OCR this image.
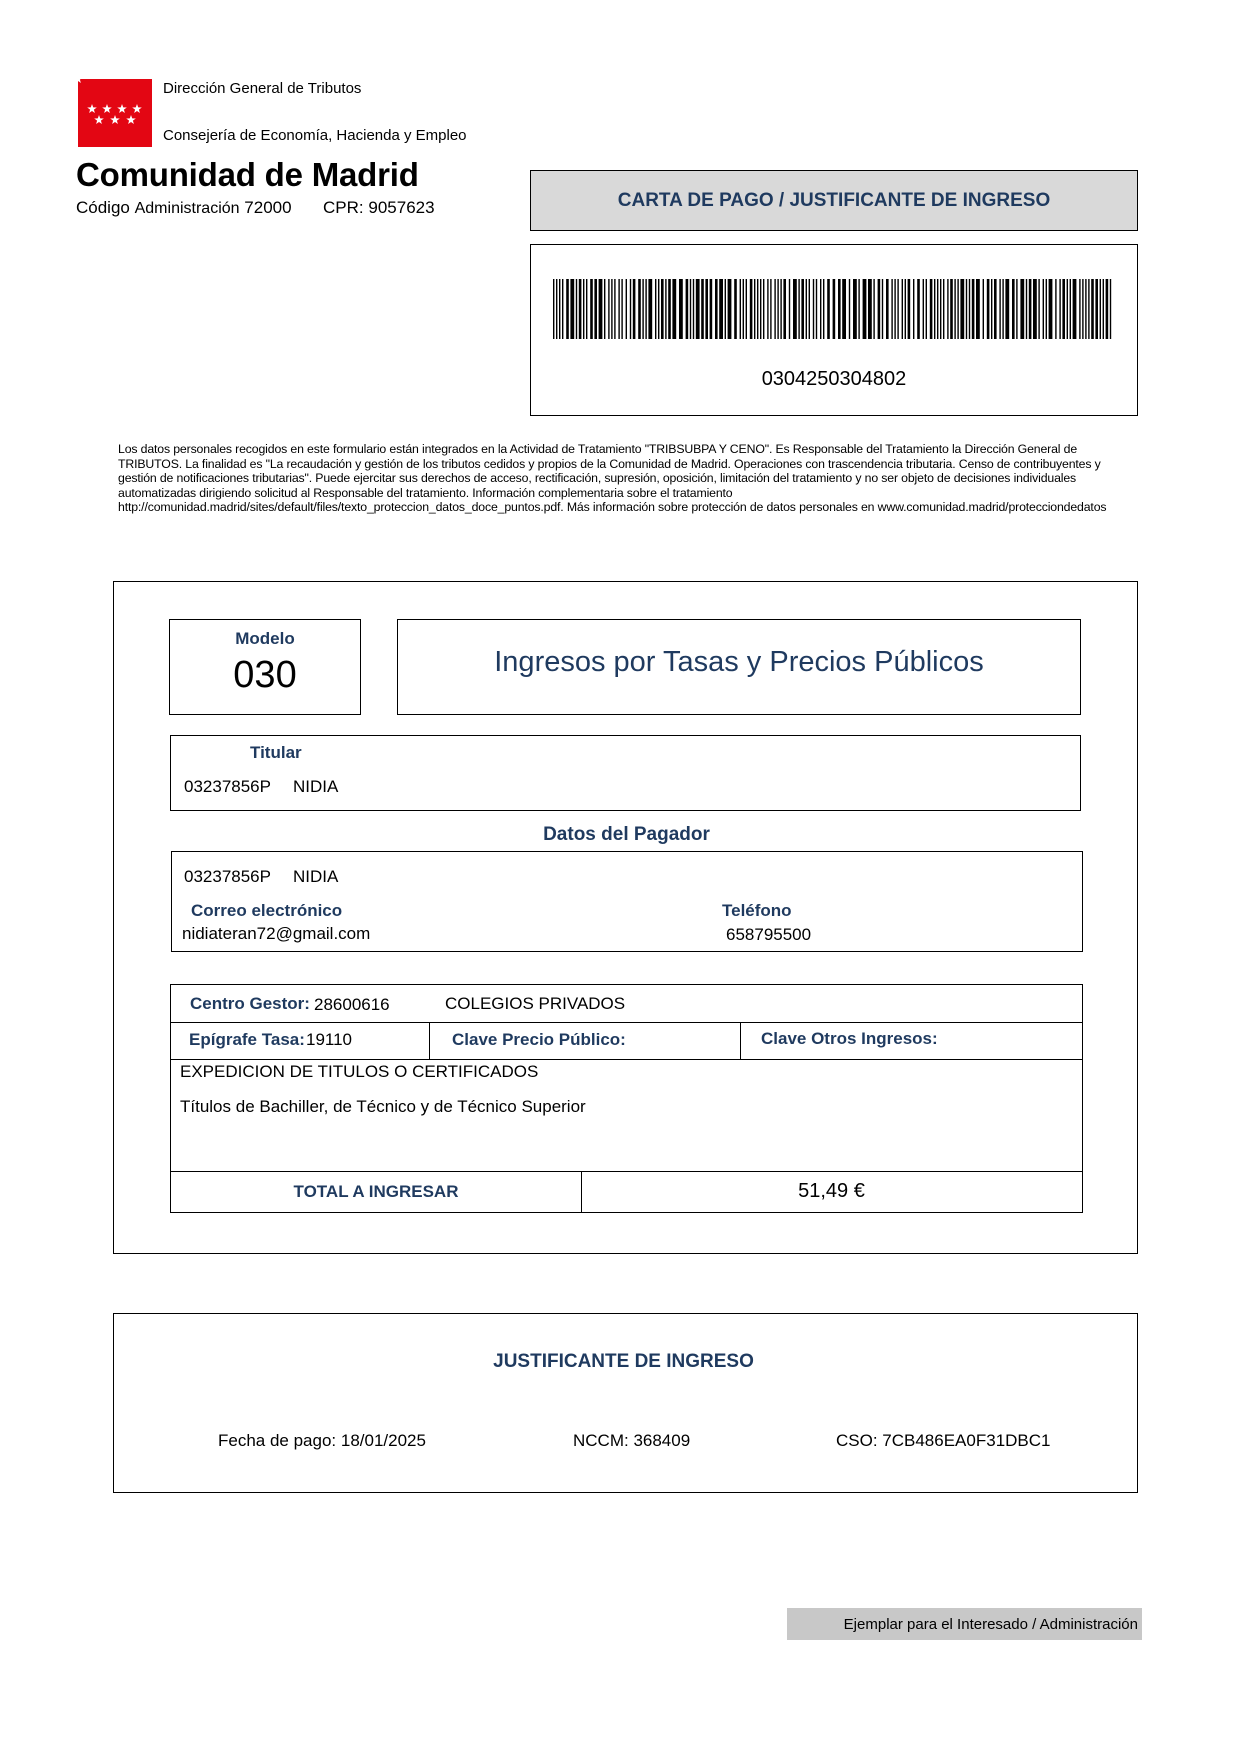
Dirección General de Tributos
Consejería de Economía, Hacienda y Empleo
Comunidad de Madrid
Código Administración 72000 CPR: 9057623	CARTA DE PAGO / JUSTIFICANTE DE INGRESO
0304250304802
Los datos personales recogidos en este formulario están integrados en la Actividad de Tratamiento "TRIBSUBPA Y CENO". Es Responsable del Tratamiento la Dirección General de TRIBUTOS. La finalidad es "La recaudación y gestión de los tributos cedidos y propios de la Comunidad de Madrid. Operaciones con trascendencia tributaria. Censo de contribuyentes y gestión de notificaciones tributarias". Puede ejercitar sus derechos de acceso, rectificación, supresión, oposición, limitación del tratamiento y no ser objeto de decisiones individuales automatizadas dirigiendo solicitud al Responsable del tratamiento. Información complementaria sobre el tratamiento http://comunidad.madrid/sites/default/files/texto_proteccion_datos_doce_puntos.pdf. Más información sobre protección de datos personales en www.comunidad.madrid/protecciondedatos
Modelo
030	Ingresos por Tasas y Precios Públicos
Titular
03237856P NIDIA
Datos del Pagador
03237856P NIDIA
Correo electrónico
nidiateran72@gmail.com
Teléfono
658795500
Centro Gestor: 28600616	COLEGIOS PRIVADOS
Epígrafe Tasa: 19110	Clave Precio Público:	Clave Otros Ingresos:
EXPEDICION DE TITULOS O CERTIFICADOS
Títulos de Bachiller, de Técnico y de Técnico Superior
TOTAL A INGRESAR	51,49 €
JUSTIFICANTE DE INGRESO
Fecha de pago: 18/01/2025	NCCM: 368409	CSO: 7CB486EA0F31DBC1
Ejemplar para el Interesado / Administración
